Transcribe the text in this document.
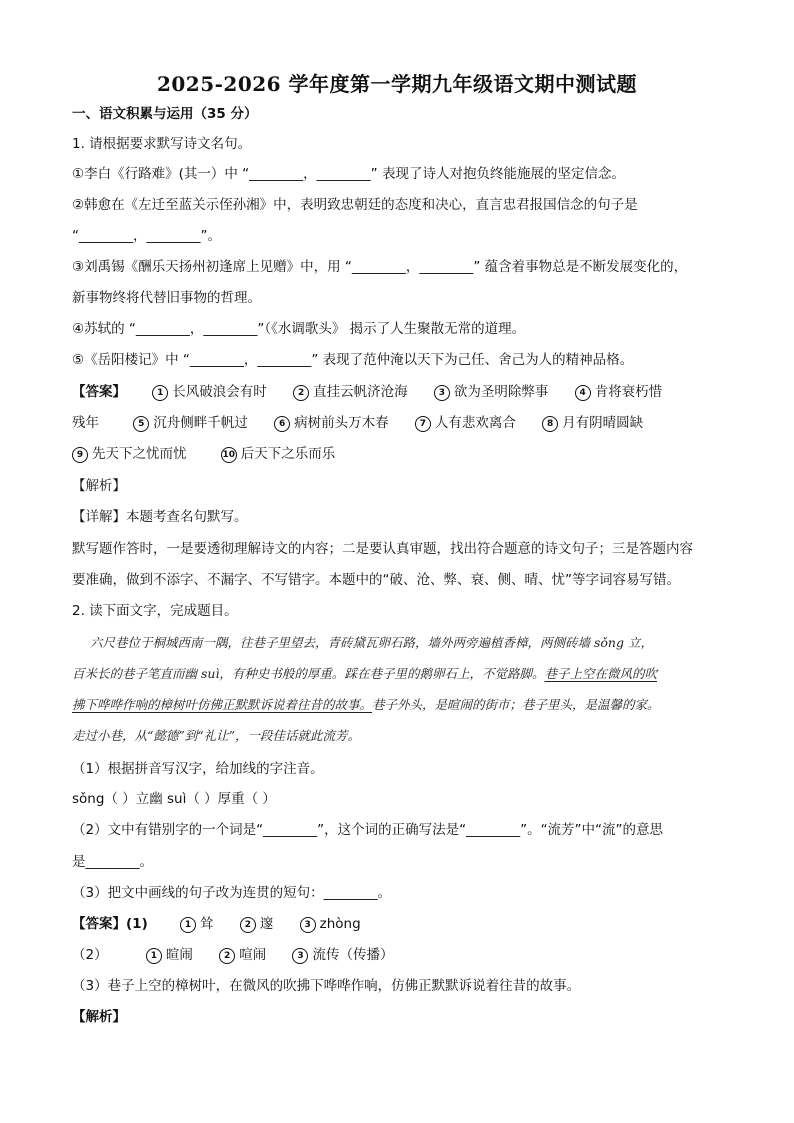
2025-2026 学年度第一学期九年级语文期中测试题
一、语文积累与运用（35 分）
1. 请根据要求默写诗文名句。
①李白《行路难》(其一）中 “________，________” 表现了诗人对抱负终能施展的坚定信念。
②韩愈在《左迁至蓝关示侄孙湘》中，表明致忠朝廷的态度和决心，直言忠君报国信念的句子是
“________，________”。
③刘禹锡《酬乐天扬州初逢席上见赠》中，用 “________，________” 蕴含着事物总是不断发展变化的，
新事物终将代替旧事物的哲理。
④苏轼的 “________，________”（《水调歌头》 揭示了人生聚散无常的道理。
⑤《岳阳楼记》中 “________，________” 表现了范仲淹以天下为己任、舍己为人的精神品格。
【答案】	1 长风破浪会有时	2 直挂云帆济沧海	3 欲为圣明除弊事	4 肯将衰朽惜
残年	5 沉舟侧畔千帆过	6 病树前头万木春	7 人有悲欢离合	8 月有阴晴圆缺
9 先天下之忧而忧	10 后天下之乐而乐
【解析】
【详解】本题考查名句默写。
默写题作答时，一是要透彻理解诗文的内容；二是要认真审题，找出符合题意的诗文句子；三是答题内容
要准确，做到不添字、不漏字、不写错字。本题中的“破、沧、弊、衰、侧、晴、忧”等字词容易写错。
2. 读下面文字，完成题目。
六尺巷位于桐城西南一隅，往巷子里望去，青砖黛瓦卵石路，墙外两旁遍植香樟，两侧砖墙 sǒng 立，
百米长的巷子笔直而幽 suì，有种史书般的厚重。踩在巷子里的鹅卵石上，不觉路脚。巷子上空在微风的吹
拂下哗哗作响的樟树叶仿佛正默默诉说着往昔的故事。巷子外头，是暄闹的街市；巷子里头，是温馨的家。
走过小巷，从“懿德”到“礼让”，一段佳话就此流芳。
（1）根据拼音写汉字，给加线的字注音。
sǒng（ ）立幽 suì（ ）厚重（ ）
（2）文中有错别字的一个词是“________”，这个词的正确写法是“________”。“流芳”中“流”的意思
是________。
（3）把文中画线的句子改为连贯的短句：________。
【答案】(1)	1 耸	2 邃	3 zhòng
（2）	1 暄闹	2 喧闹	3 流传（传播）
（3）巷子上空的樟树叶，在微风的吹拂下哗哗作响，仿佛正默默诉说着往昔的故事。
【解析】
